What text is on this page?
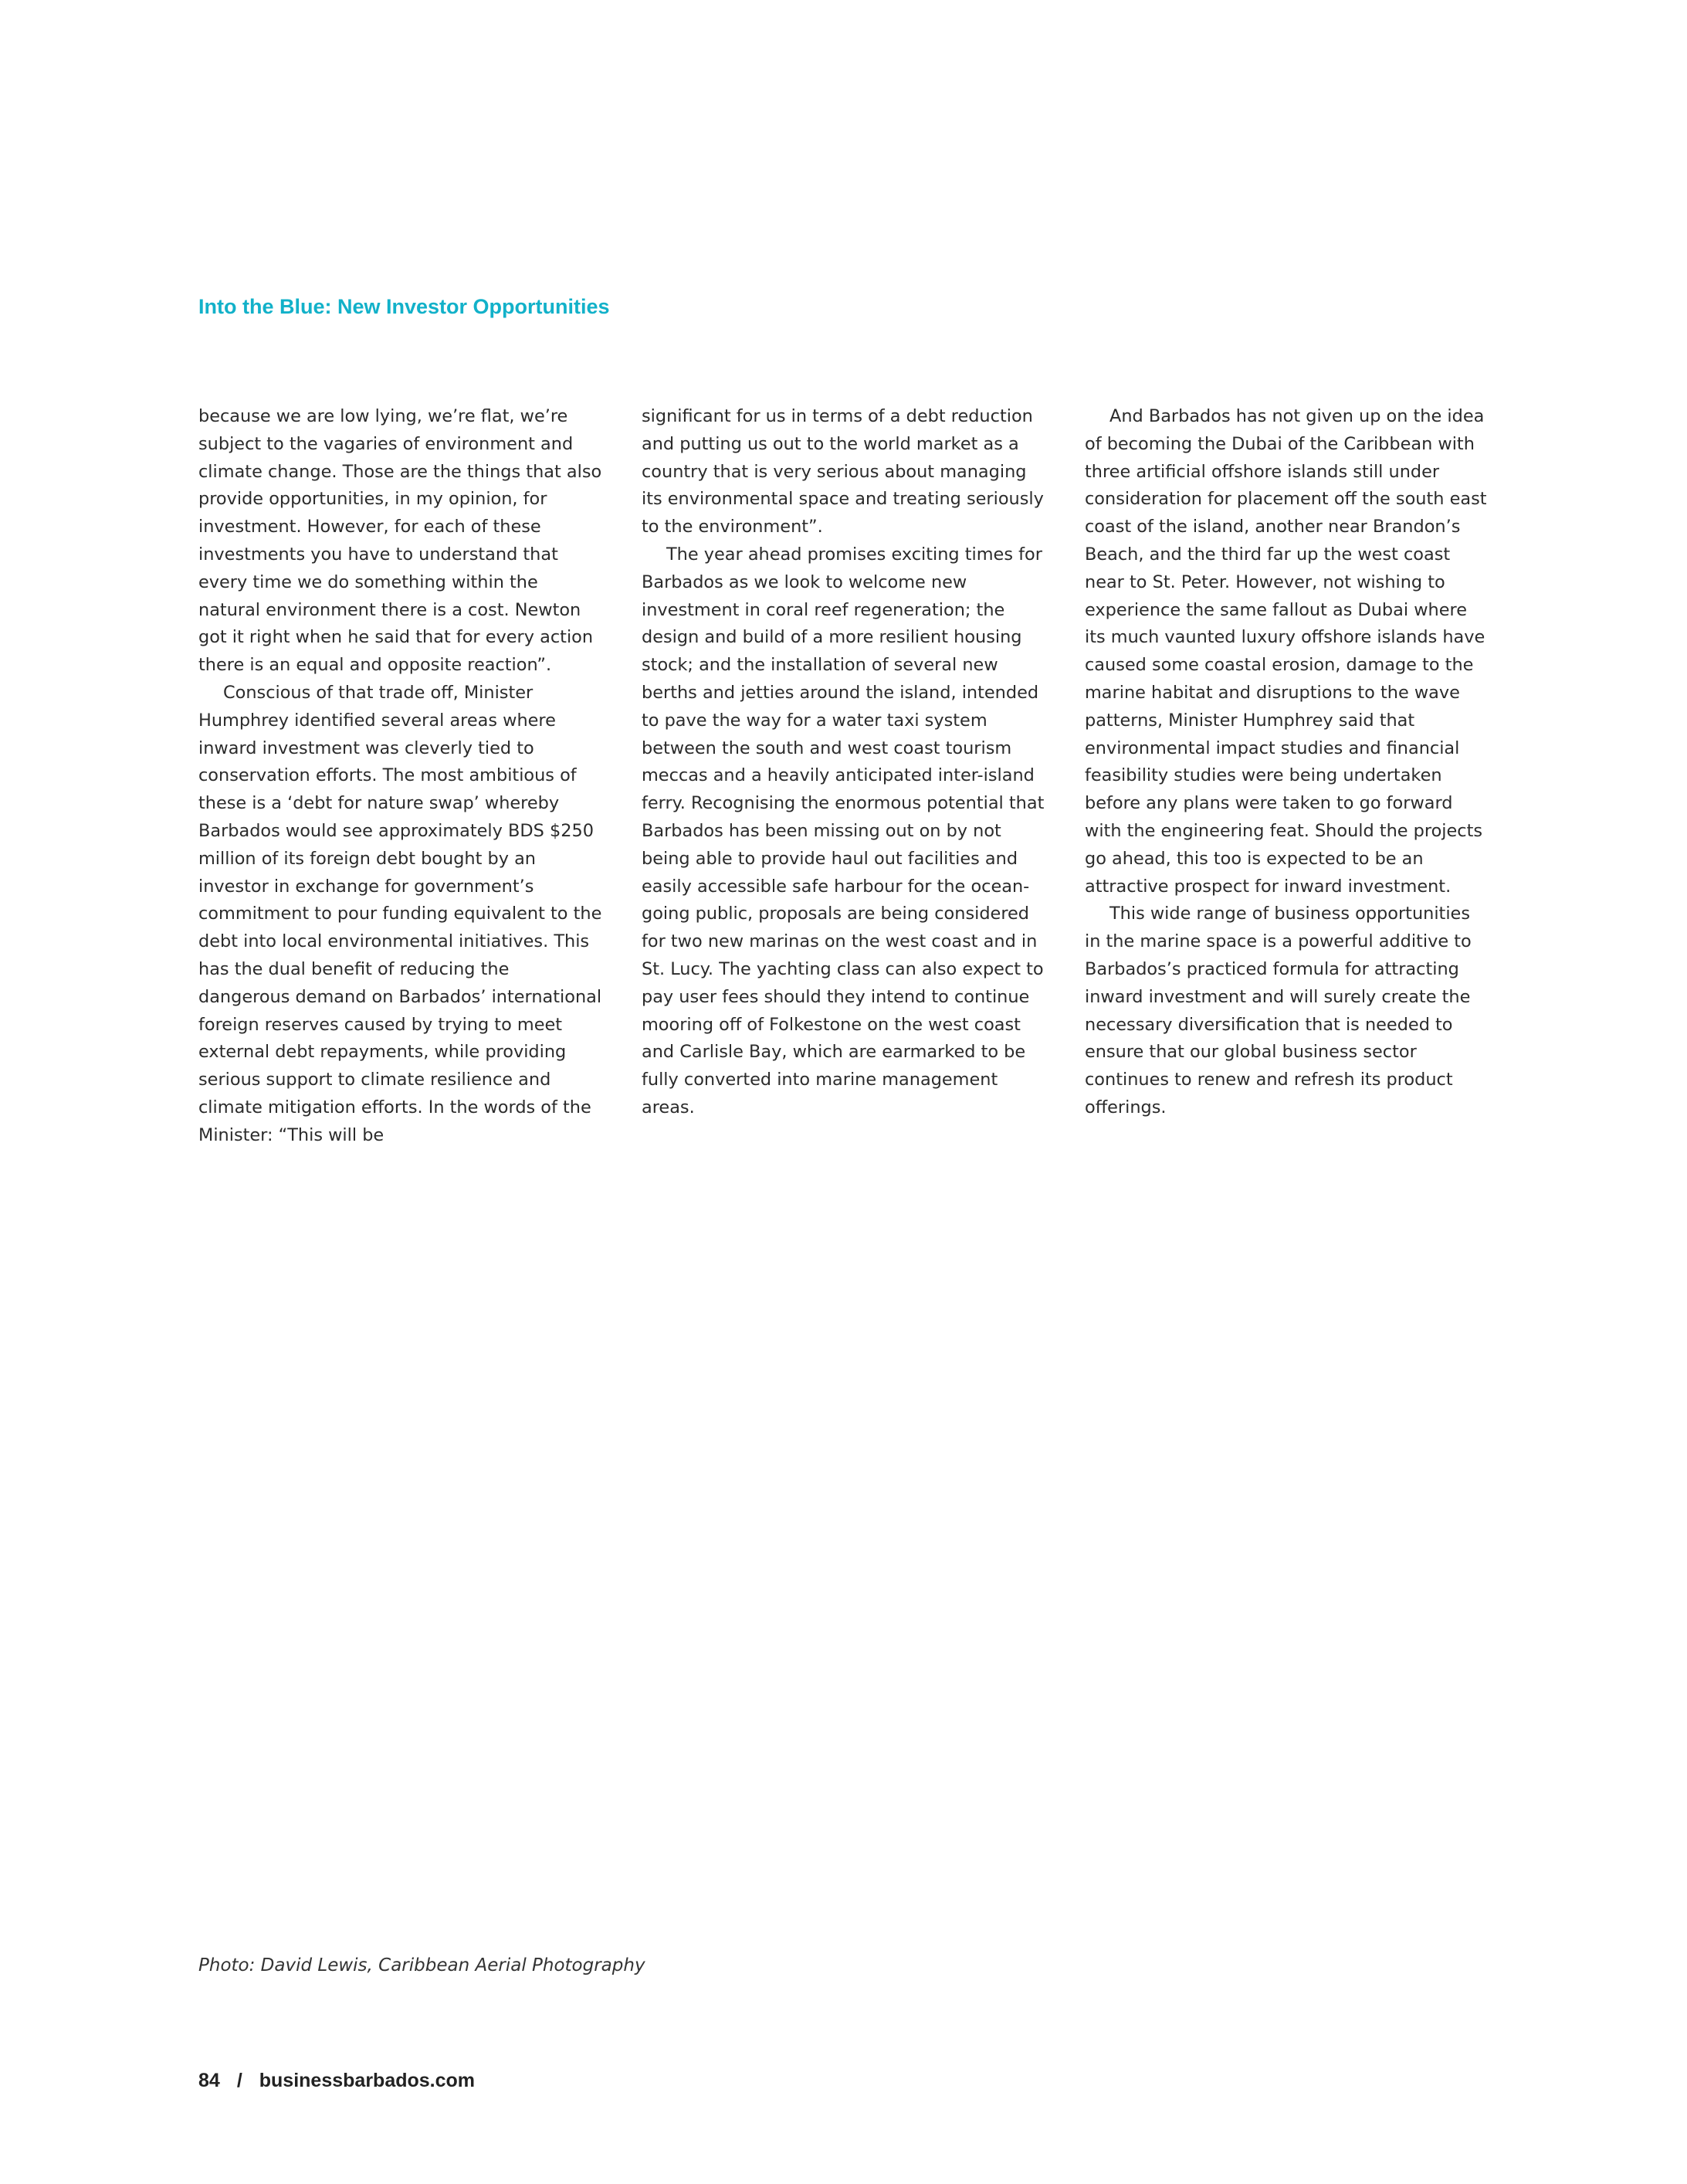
Into the Blue: New Investor Opportunities

because we are low lying, we’re flat, we’re subject to the vagaries of environment and climate change. Those are the things that also provide opportunities, in my opinion, for investment. However, for each of these investments you have to understand that every time we do something within the natural environment there is a cost. Newton got it right when he said that for every action there is an equal and opposite reaction”.

Conscious of that trade off, Minister Humphrey identified several areas where inward investment was cleverly tied to conservation efforts. The most ambitious of these is a ‘debt for nature swap’ whereby Barbados would see approximately BDS $250 million of its foreign debt bought by an investor in exchange for government’s commitment to pour funding equivalent to the debt into local environmental initiatives. This has the dual benefit of reducing the dangerous demand on Barbados’ international foreign reserves caused by trying to meet external debt repayments, while providing serious support to climate resilience and climate mitigation efforts. In the words of the Minister: “This will be

significant for us in terms of a debt reduction and putting us out to the world market as a country that is very serious about managing its environmental space and treating seriously to the environment”.

The year ahead promises exciting times for Barbados as we look to welcome new investment in coral reef regeneration; the design and build of a more resilient housing stock; and the installation of several new berths and jetties around the island, intended to pave the way for a water taxi system between the south and west coast tourism meccas and a heavily anticipated inter-island ferry. Recognising the enormous potential that Barbados has been missing out on by not being able to provide haul out facilities and easily accessible safe harbour for the ocean-going public, proposals are being considered for two new marinas on the west coast and in St. Lucy. The yachting class can also expect to pay user fees should they intend to continue mooring off of Folkestone on the west coast and Carlisle Bay, which are earmarked to be fully converted into marine management areas.

And Barbados has not given up on the idea of becoming the Dubai of the Caribbean with three artificial offshore islands still under consideration for placement off the south east coast of the island, another near Brandon’s Beach, and the third far up the west coast near to St. Peter. However, not wishing to experience the same fallout as Dubai where its much vaunted luxury offshore islands have caused some coastal erosion, damage to the marine habitat and disruptions to the wave patterns, Minister Humphrey said that environmental impact studies and financial feasibility studies were being undertaken before any plans were taken to go forward with the engineering feat. Should the projects go ahead, this too is expected to be an attractive prospect for inward investment.

This wide range of business opportunities in the marine space is a powerful additive to Barbados’s practiced formula for attracting inward investment and will surely create the necessary diversification that is needed to ensure that our global business sector continues to renew and refresh its product offerings.

Photo: David Lewis, Caribbean Aerial Photography
84 / businessbarbados.com
